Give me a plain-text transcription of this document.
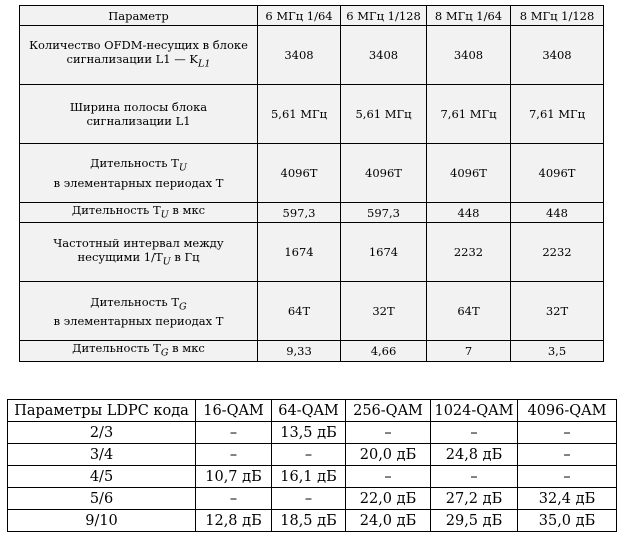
Параметр	6 МГц 1/64	6 МГц 1/128	8 МГц 1/64	8 МГц 1/128
Количество OFDM-несущих в блоке
сигнализации L1 — $K_{L1}$	3408	3408	3408	3408
Ширина полосы блока
сигнализации L1	5,61 МГц	5,61 МГц	7,61 МГц	7,61 МГц
Дительность $T_U$
в элементарных периодах T	4096T	4096T	4096T	4096T
Дительность $T_U$ в мкс	597,3	597,3	448	448
Частотный интервал между
несущими $1/T_U$ в Гц	1674	1674	2232	2232
Дительность $T_G$
в элементарных периодах T	64T	32T	64T	32T
Дительность $T_G$ в мкс	9,33	4,66	7	3,5
Параметры LDPC кода	16-QAM	64-QAM	256-QAM	1024-QAM	4096-QAM
2/3	–	13,5 дБ	–	–	–
3/4	–	–	20,0 дБ	24,8 дБ	–
4/5	10,7 дБ	16,1 дБ	–	–	–
5/6	–	–	22,0 дБ	27,2 дБ	32,4 дБ
9/10	12,8 дБ	18,5 дБ	24,0 дБ	29,5 дБ	35,0 дБ
